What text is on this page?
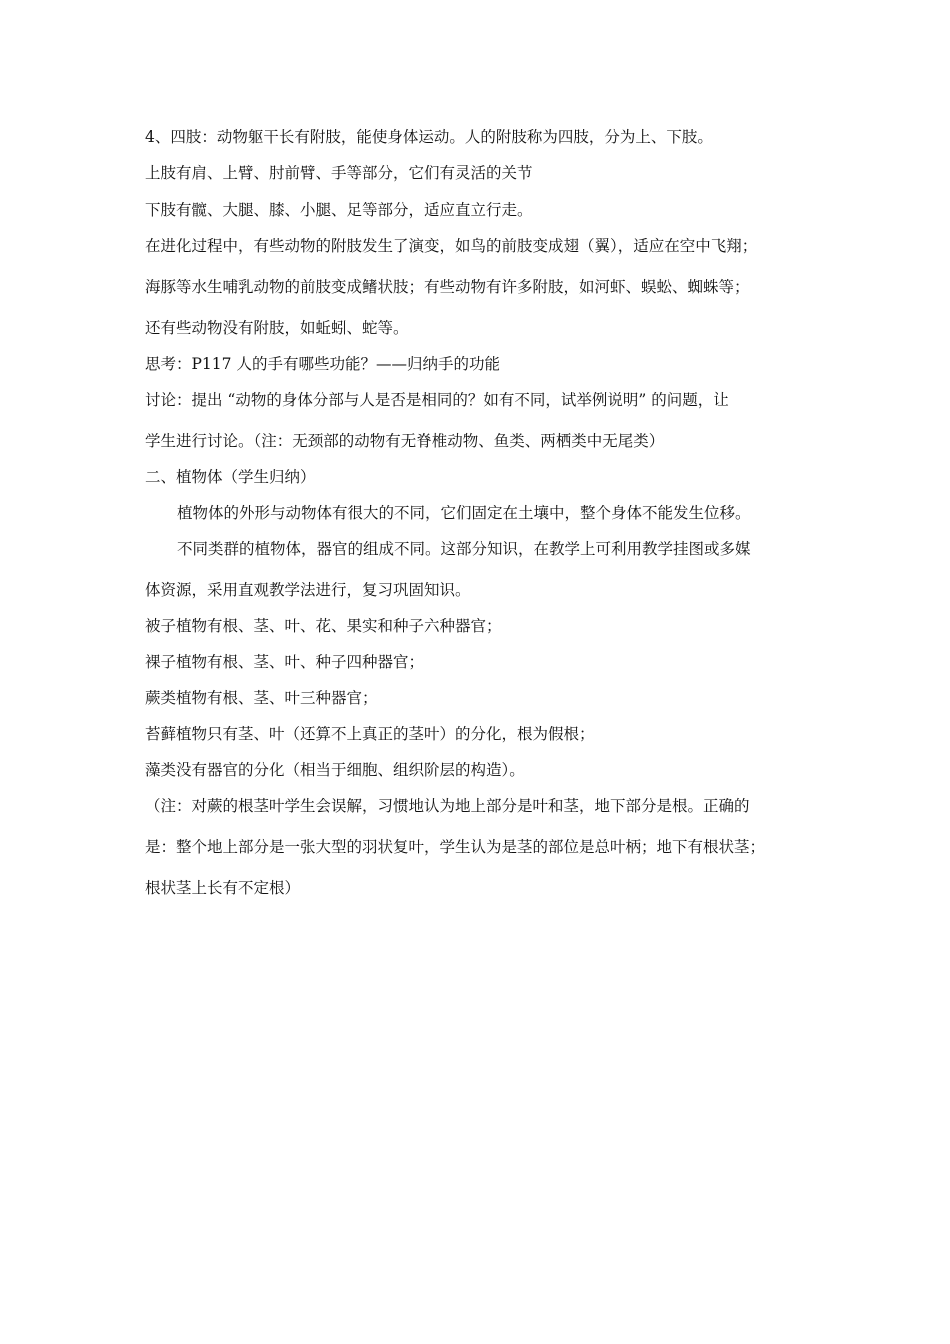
4、四肢：动物躯干长有附肢，能使身体运动。人的附肢称为四肢，分为上、下肢。
上肢有肩、上臂、肘前臂、手等部分，它们有灵活的关节
下肢有髋、大腿、膝、小腿、足等部分，适应直立行走。
在进化过程中，有些动物的附肢发生了演变，如鸟的前肢变成翅（翼），适应在空中飞翔；
海豚等水生哺乳动物的前肢变成鳍状肢；有些动物有许多附肢，如河虾、蜈蚣、蜘蛛等；
还有些动物没有附肢，如蚯蚓、蛇等。
思考：P117 人的手有哪些功能？——归纳手的功能
讨论：提出 “动物的身体分部与人是否是相同的？如有不同，试举例说明” 的问题，让
学生进行讨论。（注：无颈部的动物有无脊椎动物、鱼类、两栖类中无尾类）
二、植物体（学生归纳）
植物体的外形与动物体有很大的不同，它们固定在土壤中，整个身体不能发生位移。
不同类群的植物体，器官的组成不同。这部分知识，在教学上可利用教学挂图或多媒
体资源，采用直观教学法进行，复习巩固知识。
被子植物有根、茎、叶、花、果实和种子六种器官；
裸子植物有根、茎、叶、种子四种器官；
蕨类植物有根、茎、叶三种器官；
苔藓植物只有茎、叶（还算不上真正的茎叶）的分化，根为假根；
藻类没有器官的分化（相当于细胞、组织阶层的构造）。
（注：对蕨的根茎叶学生会误解，习惯地认为地上部分是叶和茎，地下部分是根。正确的
是：整个地上部分是一张大型的羽状复叶，学生认为是茎的部位是总叶柄；地下有根状茎；
根状茎上长有不定根）
